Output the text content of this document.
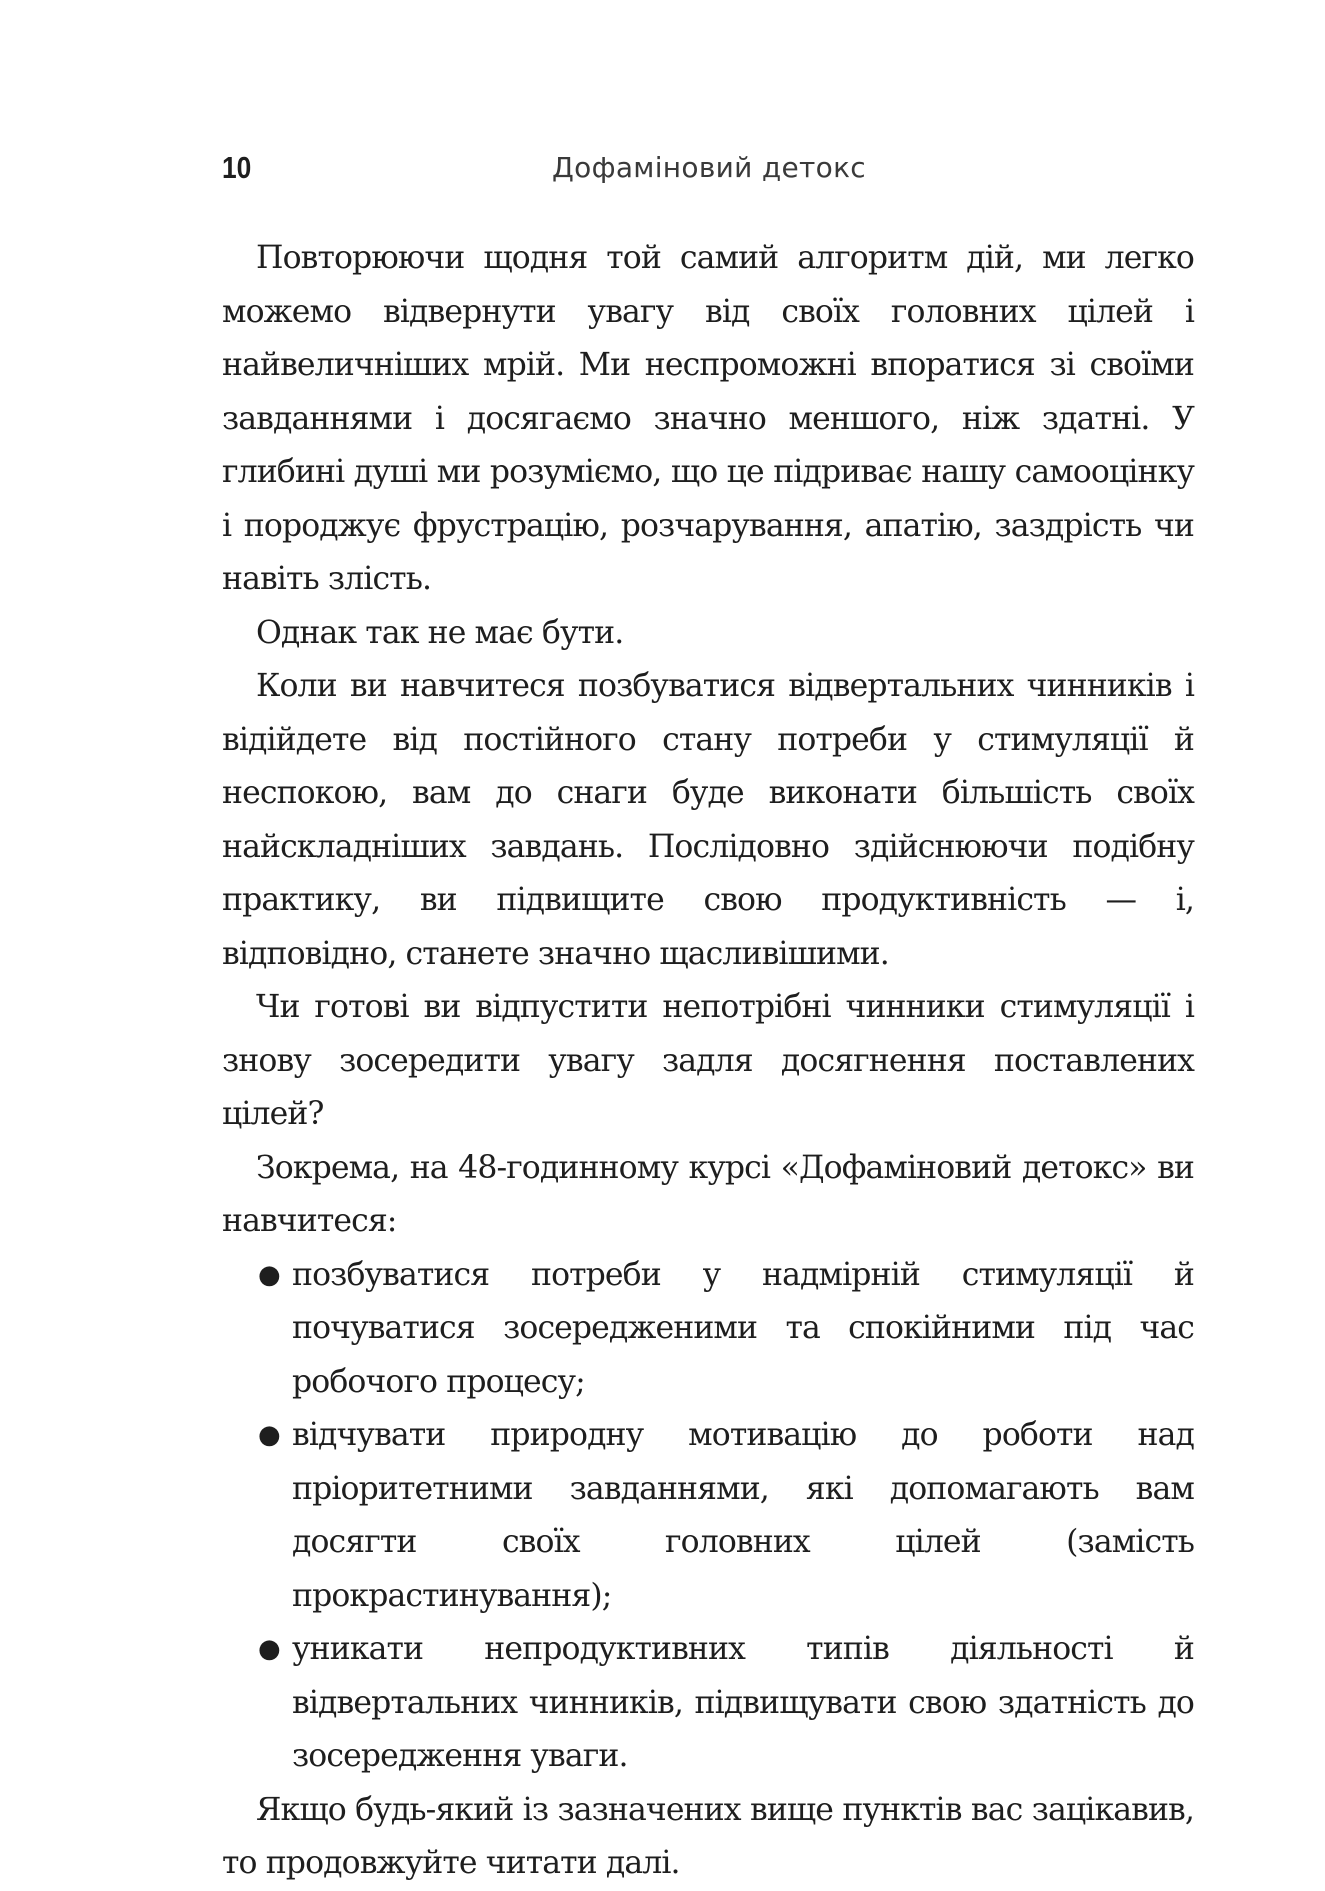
10	Дофаміновий детокс

Повторюючи щодня той самий алгоритм дій, ми легко можемо відвернути увагу від своїх головних цілей і найвеличніших мрій. Ми неспроможні впоратися зі своїми завданнями і досягаємо значно меншого, ніж здатні. У глибині душі ми розуміємо, що це підриває нашу самооцінку і породжує фрустрацію, розчарування, апатію, заздрість чи навіть злість.

Однак так не має бути.

Коли ви навчитеся позбуватися відвертальних чинників і відійдете від постійного стану потреби у стимуляції й неспокою, вам до снаги буде виконати більшість своїх найскладніших завдань. Послідовно здійснюючи подібну практику, ви підвищите свою продуктивність — і, відповідно, станете значно щасливішими.

Чи готові ви відпустити непотрібні чинники стимуляції і знову зосередити увагу задля досягнення поставлених цілей?

Зокрема, на 48-годинному курсі «Дофаміновий детокс» ви навчитеся:

● позбуватися потреби у надмірній стимуляції й почуватися зосередженими та спокійними під час робочого процесу;
● відчувати природну мотивацію до роботи над пріоритетними завданнями, які допомагають вам досягти своїх головних цілей (замість прокрастинування);
● уникати непродуктивних типів діяльності й відвертальних чинників, підвищувати свою здатність до зосередження уваги.

Якщо будь-який із зазначених вище пунктів вас зацікавив, то продовжуйте читати далі.
